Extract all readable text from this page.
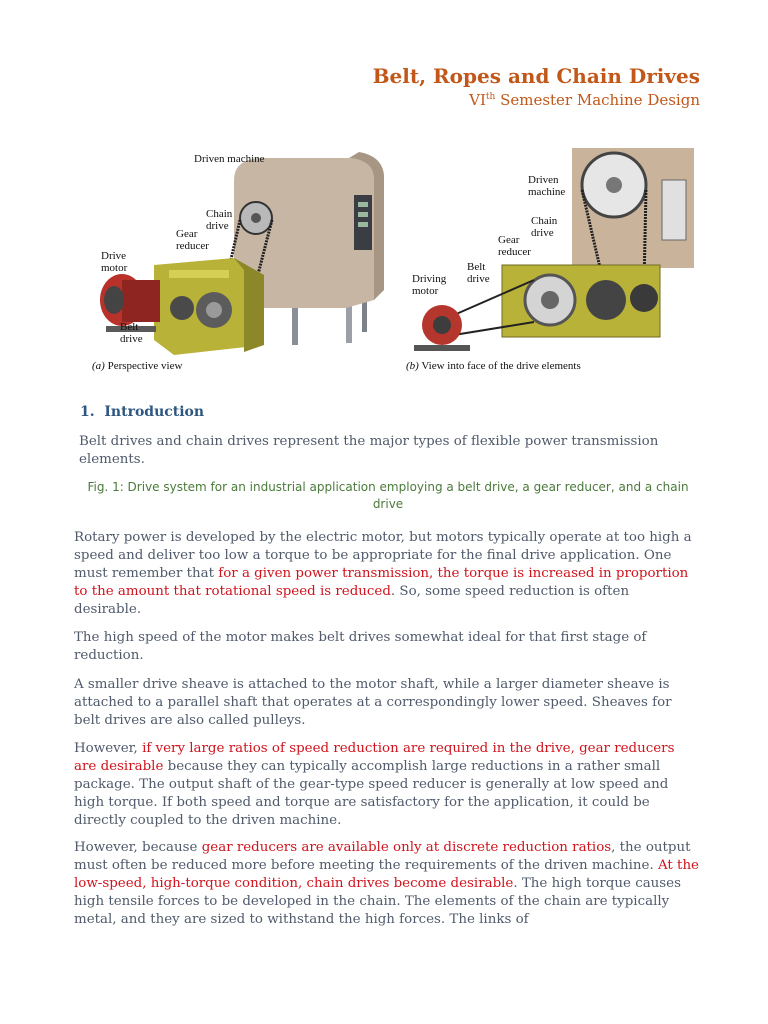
Belt, Ropes and Chain Drives
VIth Semester Machine Design
Driven machine
Chain drive
Gear reducer
Drive motor
Belt drive
Driven machine
Chain drive
Gear reducer
Belt drive
Driving motor
(a) Perspective view	(b) View into face of the drive elements
1. Introduction
Belt drives and chain drives represent the major types of flexible power transmission elements.
Fig. 1: Drive system for an industrial application employing a belt drive, a gear reducer, and a chain drive
Rotary power is developed by the electric motor, but motors typically operate at too high a speed and deliver too low a torque to be appropriate for the final drive application. One must remember that for a given power transmission, the torque is increased in proportion to the amount that rotational speed is reduced. So, some speed reduction is often desirable.
The high speed of the motor makes belt drives somewhat ideal for that first stage of reduction.
A smaller drive sheave is attached to the motor shaft, while a larger diameter sheave is attached to a parallel shaft that operates at a correspondingly lower speed. Sheaves for belt drives are also called pulleys.
However, if very large ratios of speed reduction are required in the drive, gear reducers are desirable because they can typically accomplish large reductions in a rather small package. The output shaft of the gear-type speed reducer is generally at low speed and high torque. If both speed and torque are satisfactory for the application, it could be directly coupled to the driven machine.
However, because gear reducers are available only at discrete reduction ratios, the output must often be reduced more before meeting the requirements of the driven machine. At the low-speed, high-torque condition, chain drives become desirable. The high torque causes high tensile forces to be developed in the chain. The elements of the chain are typically metal, and they are sized to withstand the high forces. The links of
